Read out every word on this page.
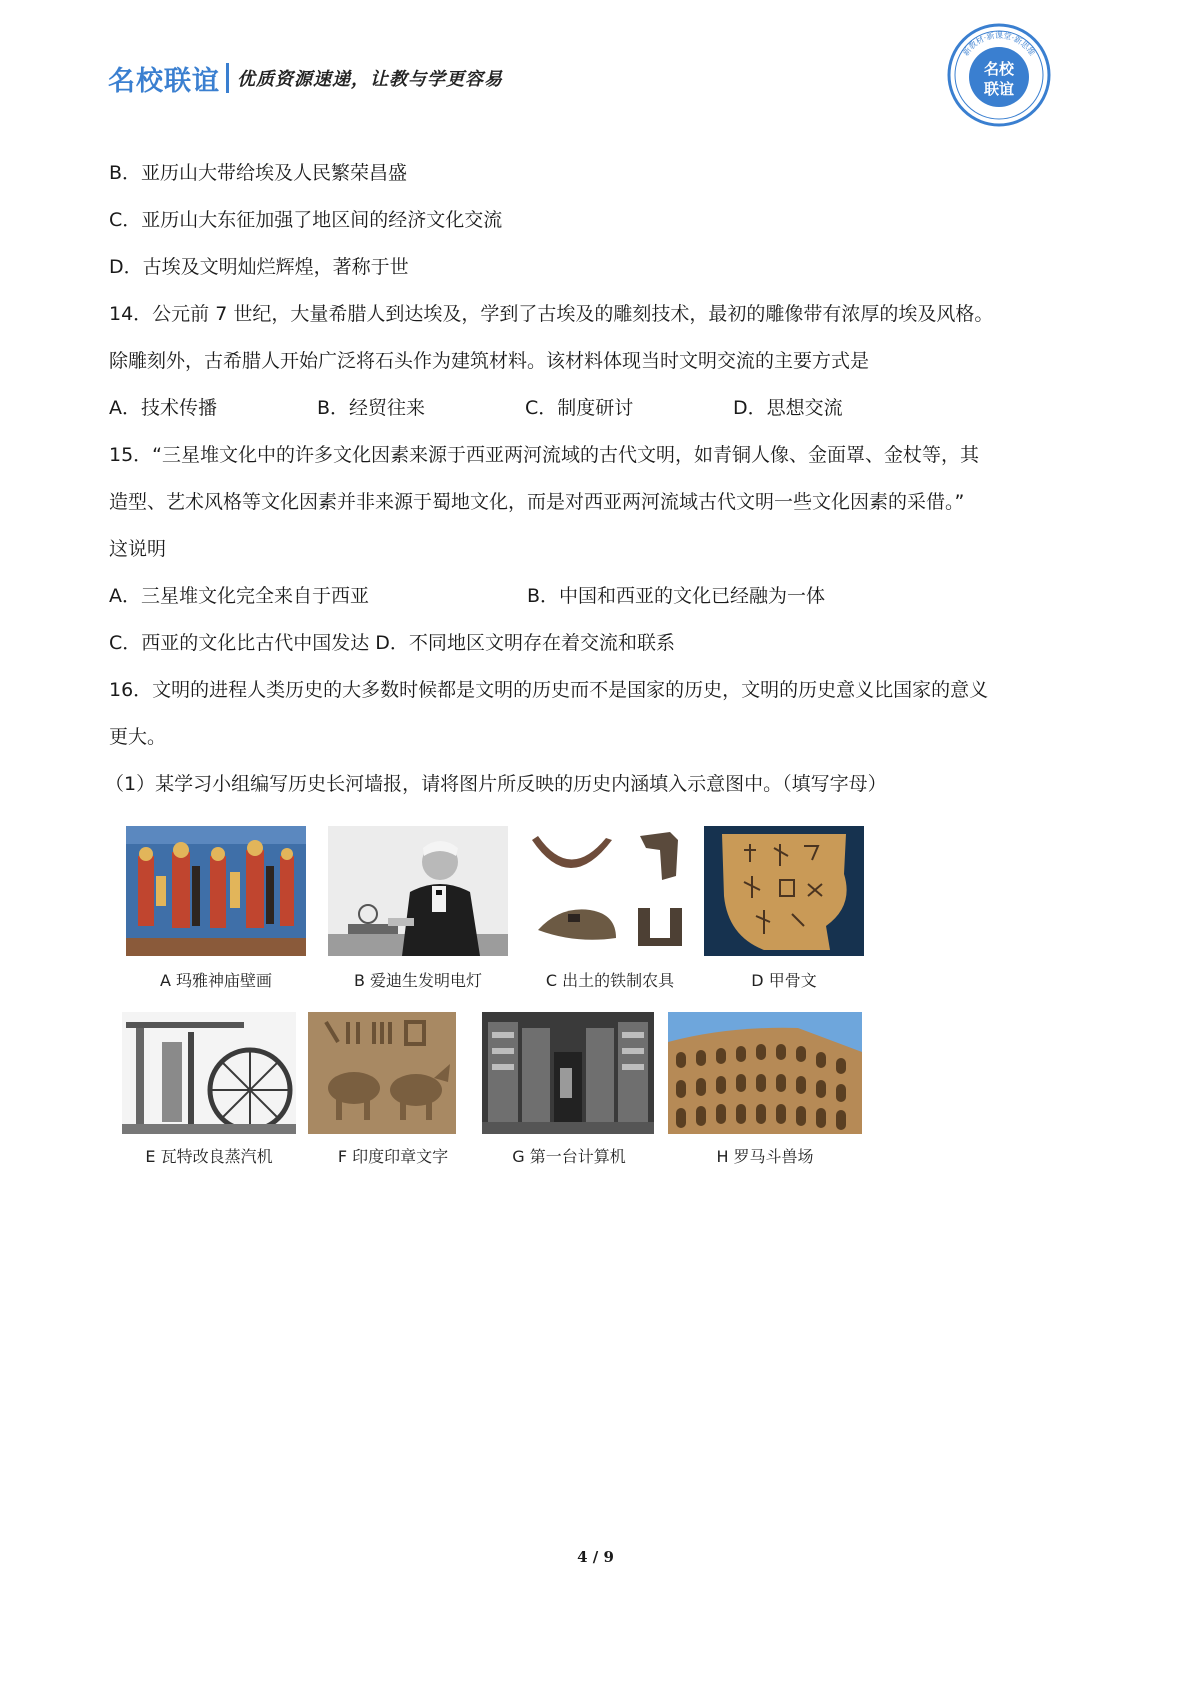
名校联谊 优质资源速递，让教与学更容易	名校
联谊
新教材·新课堂·新思维
B．亚历山大带给埃及人民繁荣昌盛
C．亚历山大东征加强了地区间的经济文化交流
D．古埃及文明灿烂辉煌，著称于世
14．公元前 7 世纪，大量希腊人到达埃及，学到了古埃及的雕刻技术，最初的雕像带有浓厚的埃及风格。
除雕刻外，古希腊人开始广泛将石头作为建筑材料。该材料体现当时文明交流的主要方式是
A．技术传播	B．经贸往来	C．制度研讨	D．思想交流
15．“三星堆文化中的许多文化因素来源于西亚两河流域的古代文明，如青铜人像、金面罩、金杖等，其
造型、艺术风格等文化因素并非来源于蜀地文化，而是对西亚两河流域古代文明一些文化因素的采借。”
这说明
A．三星堆文化完全来自于西亚	B．中国和西亚的文化已经融为一体
C．西亚的文化比古代中国发达 D．不同地区文明存在着交流和联系
16．文明的进程人类历史的大多数时候都是文明的历史而不是国家的历史，文明的历史意义比国家的意义
更大。
（1）某学习小组编写历史长河墙报，请将图片所反映的历史内涵填入示意图中。（填写字母）
A 玛雅神庙壁画	B 爱迪生发明电灯	C 出土的铁制农具	D 甲骨文
E 瓦特改良蒸汽机	F 印度印章文字	G 第一台计算机	H 罗马斗兽场
4 / 9
